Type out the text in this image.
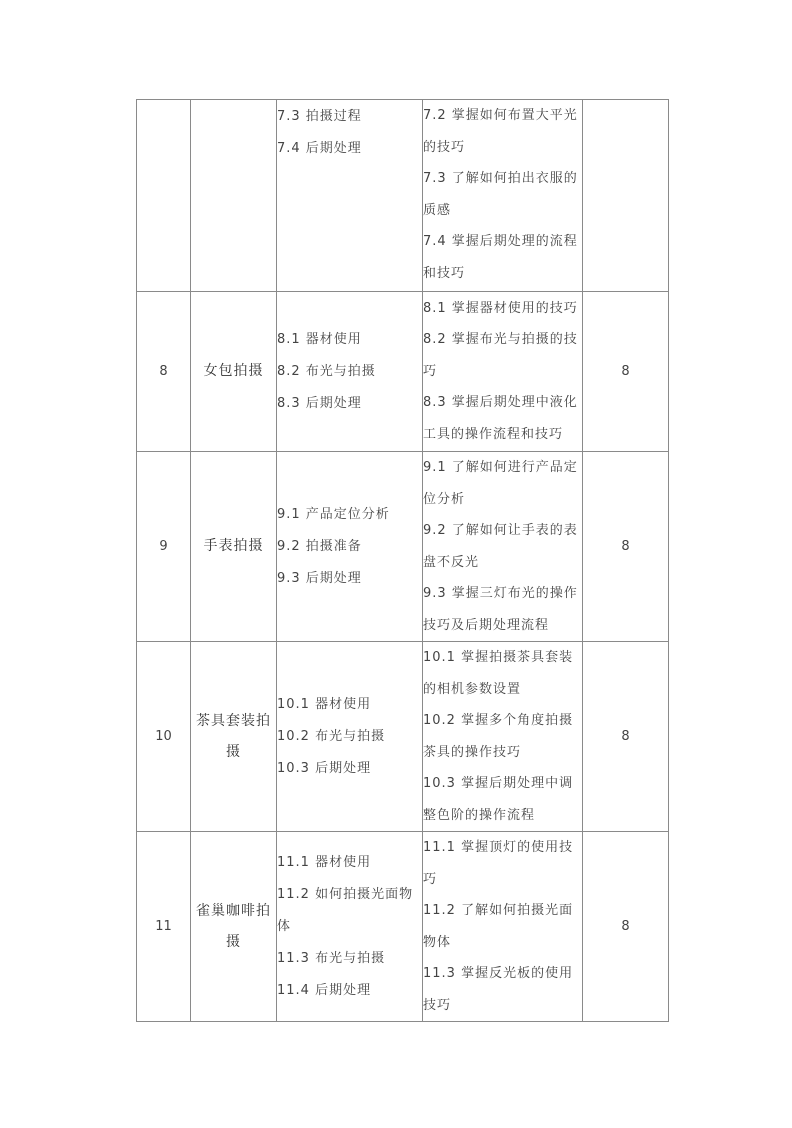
		7.3 拍摄过程
7.4 后期处理	7.2 掌握如何布置大平光的技巧
7.3 了解如何拍出衣服的质感
7.4 掌握后期处理的流程和技巧	

8	女包拍摄	8.1 器材使用
8.2 布光与拍摄
8.3 后期处理	8.1 掌握器材使用的技巧
8.2 掌握布光与拍摄的技巧
8.3 掌握后期处理中液化工具的操作流程和技巧	8
9	手表拍摄	9.1 产品定位分析
9.2 拍摄准备
9.3 后期处理	9.1 了解如何进行产品定位分析
9.2 了解如何让手表的表盘不反光
9.3 掌握三灯布光的操作技巧及后期处理流程	8
10	茶具套装拍摄	10.1 器材使用
10.2 布光与拍摄
10.3 后期处理	10.1 掌握拍摄茶具套装的相机参数设置
10.2 掌握多个角度拍摄茶具的操作技巧
10.3 掌握后期处理中调整色阶的操作流程	8
11	雀巢咖啡拍摄	11.1 器材使用
11.2 如何拍摄光面物体
11.3 布光与拍摄
11.4 后期处理	11.1 掌握顶灯的使用技巧
11.2 了解如何拍摄光面物体
11.3 掌握反光板的使用技巧	8
